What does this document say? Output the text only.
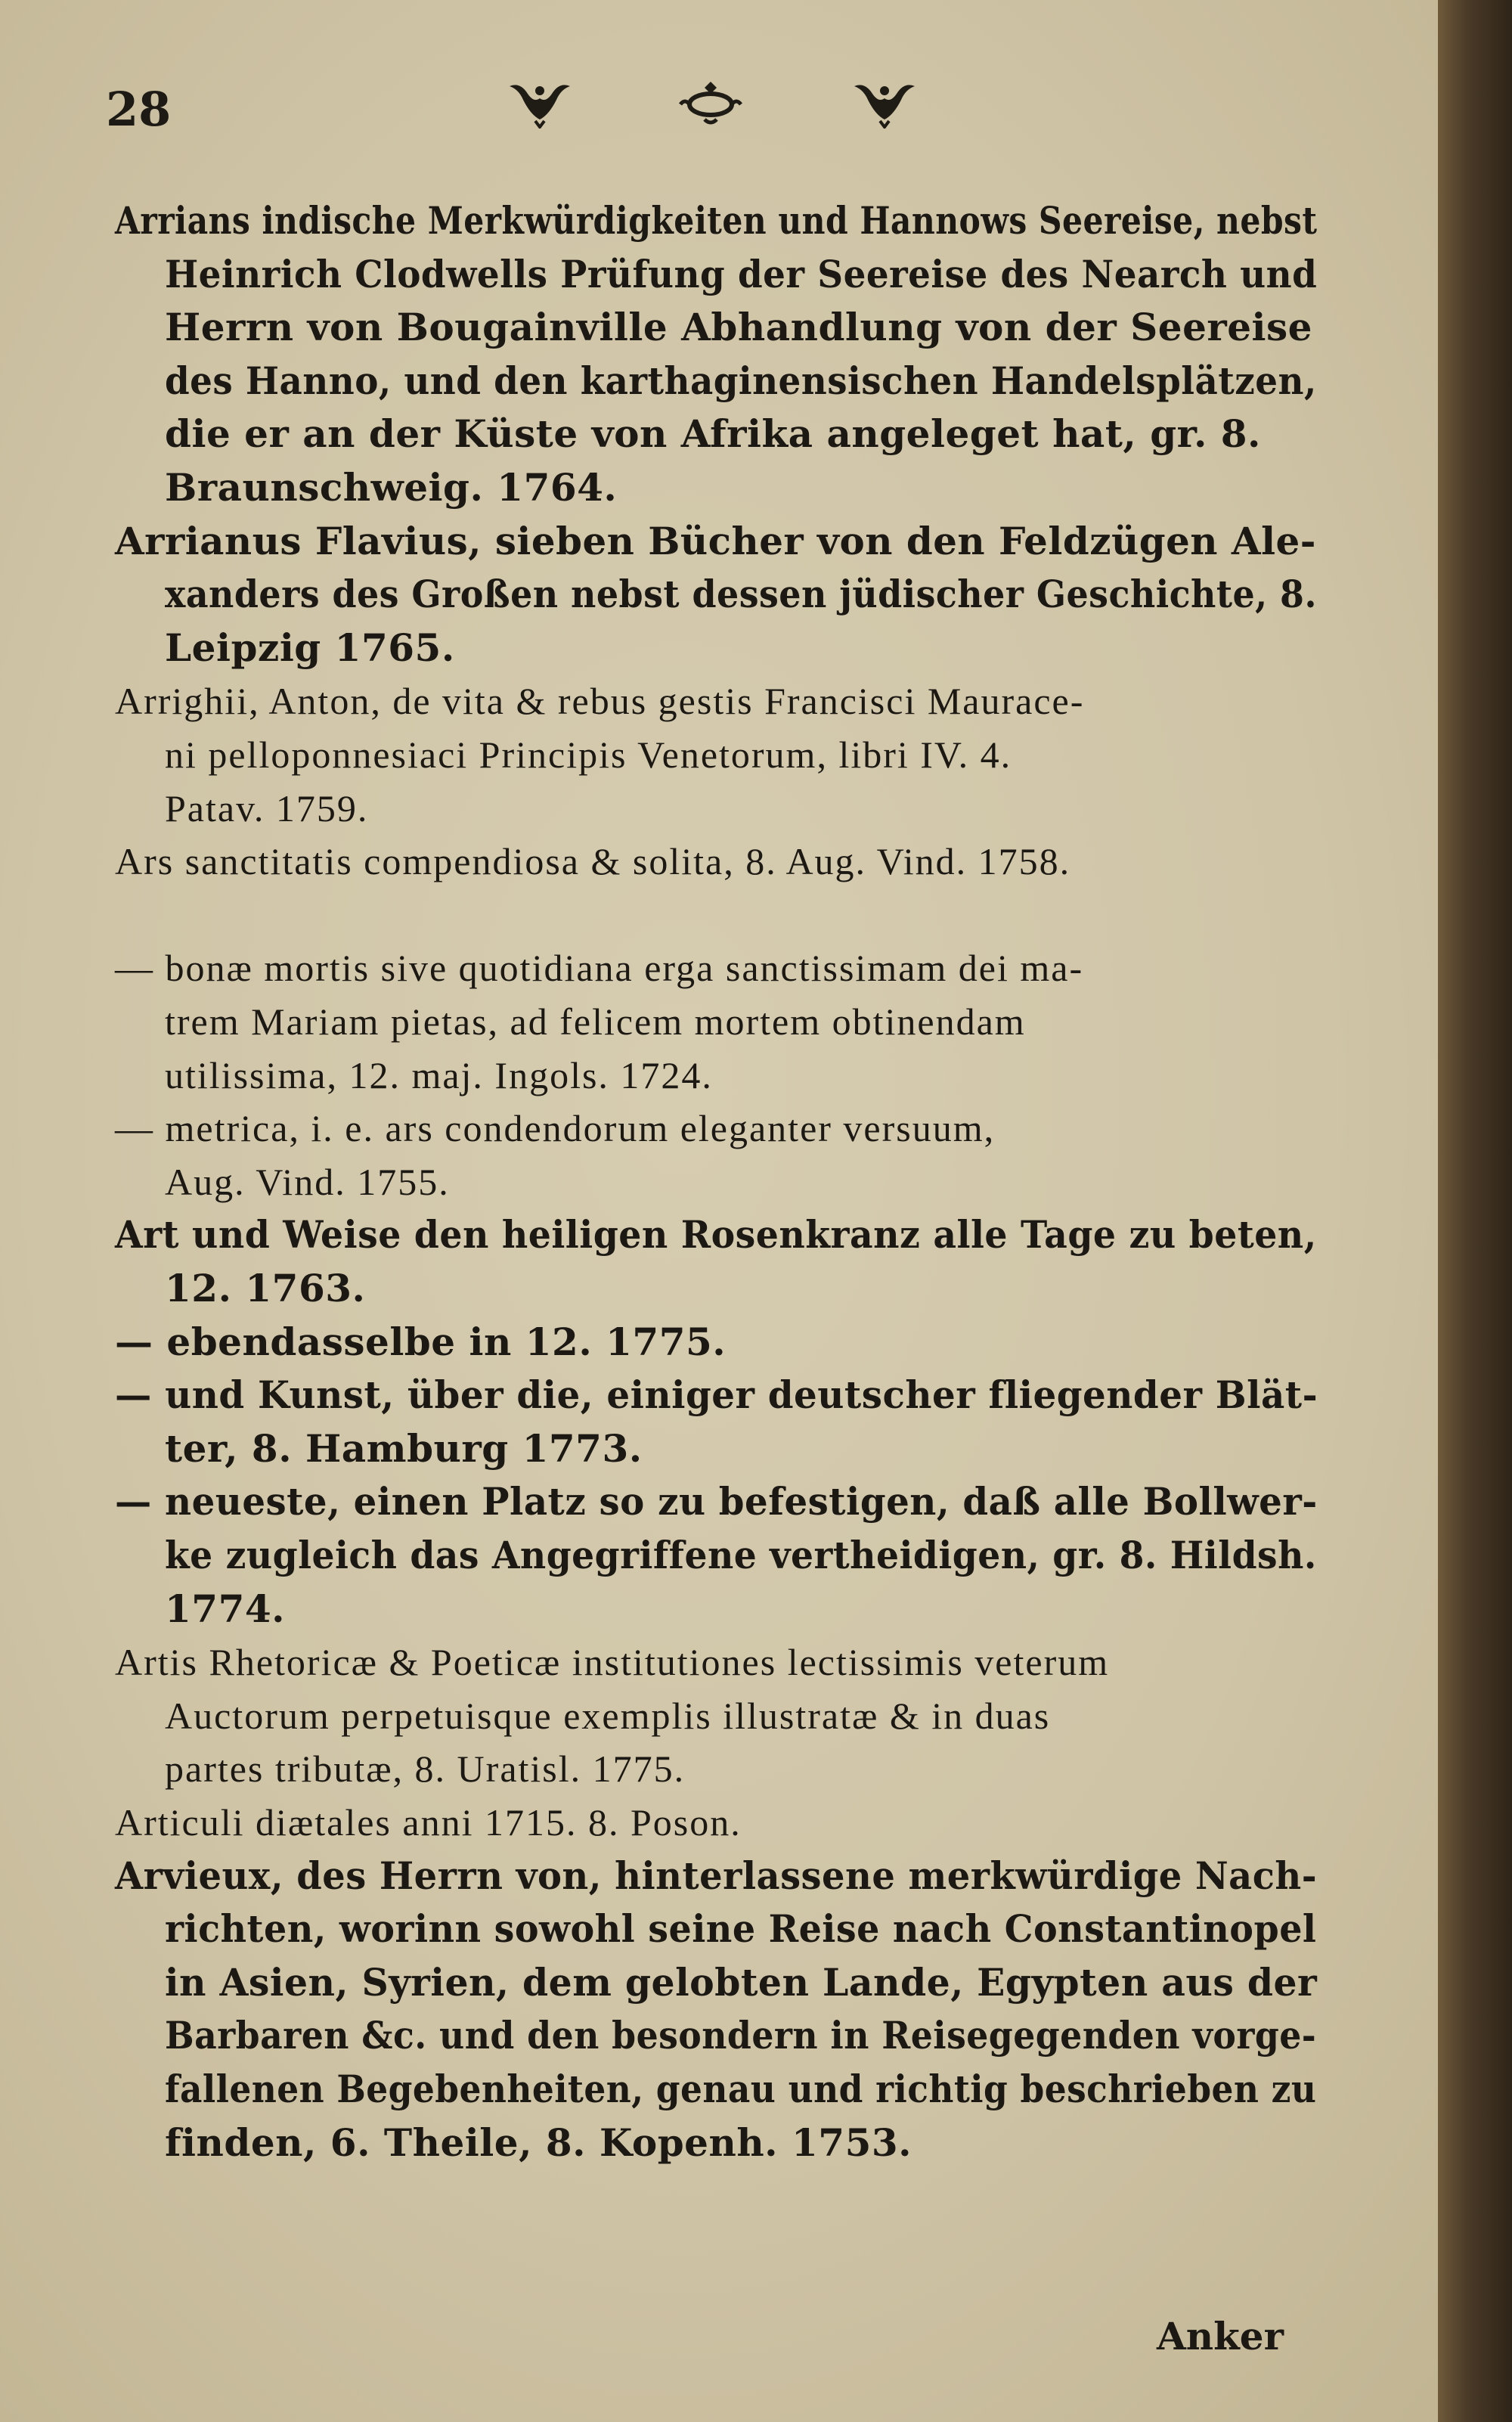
28
Arrians indische Merkwürdigkeiten und Hannows Seereise, nebst
Heinrich Clodwells Prüfung der Seereise des Nearch und
Herrn von Bougainville Abhandlung von der Seereise
des Hanno, und den karthaginensischen Handelsplätzen,
die er an der Küste von Afrika angeleget hat, gr. 8.
Braunschweig. 1764.
Arrianus Flavius, sieben Bücher von den Feldzügen Ale-
xanders des Großen nebst dessen jüdischer Geschichte, 8.
Leipzig 1765.
Arrighii, Anton, de vita & rebus gestis Francisci Maurace-
ni pelloponnesiaci Principis Venetorum, libri IV. 4.
Patav. 1759.
Ars sanctitatis compendiosa & solita, 8. Aug. Vind. 1758.
— bonæ mortis sive quotidiana erga sanctissimam dei ma-
trem Mariam pietas, ad felicem mortem obtinendam
utilissima, 12. maj. Ingols. 1724.
— metrica, i. e. ars condendorum eleganter versuum,
Aug. Vind. 1755.
Art und Weise den heiligen Rosenkranz alle Tage zu beten,
12. 1763.
— ebendasselbe in 12. 1775.
— und Kunst, über die, einiger deutscher fliegender Blät-
ter, 8. Hamburg 1773.
— neueste, einen Platz so zu befestigen, daß alle Bollwer-
ke zugleich das Angegriffene vertheidigen, gr. 8. Hildsh.
1774.
Artis Rhetoricæ & Poeticæ institutiones lectissimis veterum
Auctorum perpetuisque exemplis illustratæ & in duas
partes tributæ, 8. Uratisl. 1775.
Articuli diætales anni 1715. 8. Poson.
Arvieux, des Herrn von, hinterlassene merkwürdige Nach-
richten, worinn sowohl seine Reise nach Constantinopel
in Asien, Syrien, dem gelobten Lande, Egypten aus der
Barbaren &c. und den besondern in Reisegegenden vorge-
fallenen Begebenheiten, genau und richtig beschrieben zu
finden, 6. Theile, 8. Kopenh. 1753.
Anker
